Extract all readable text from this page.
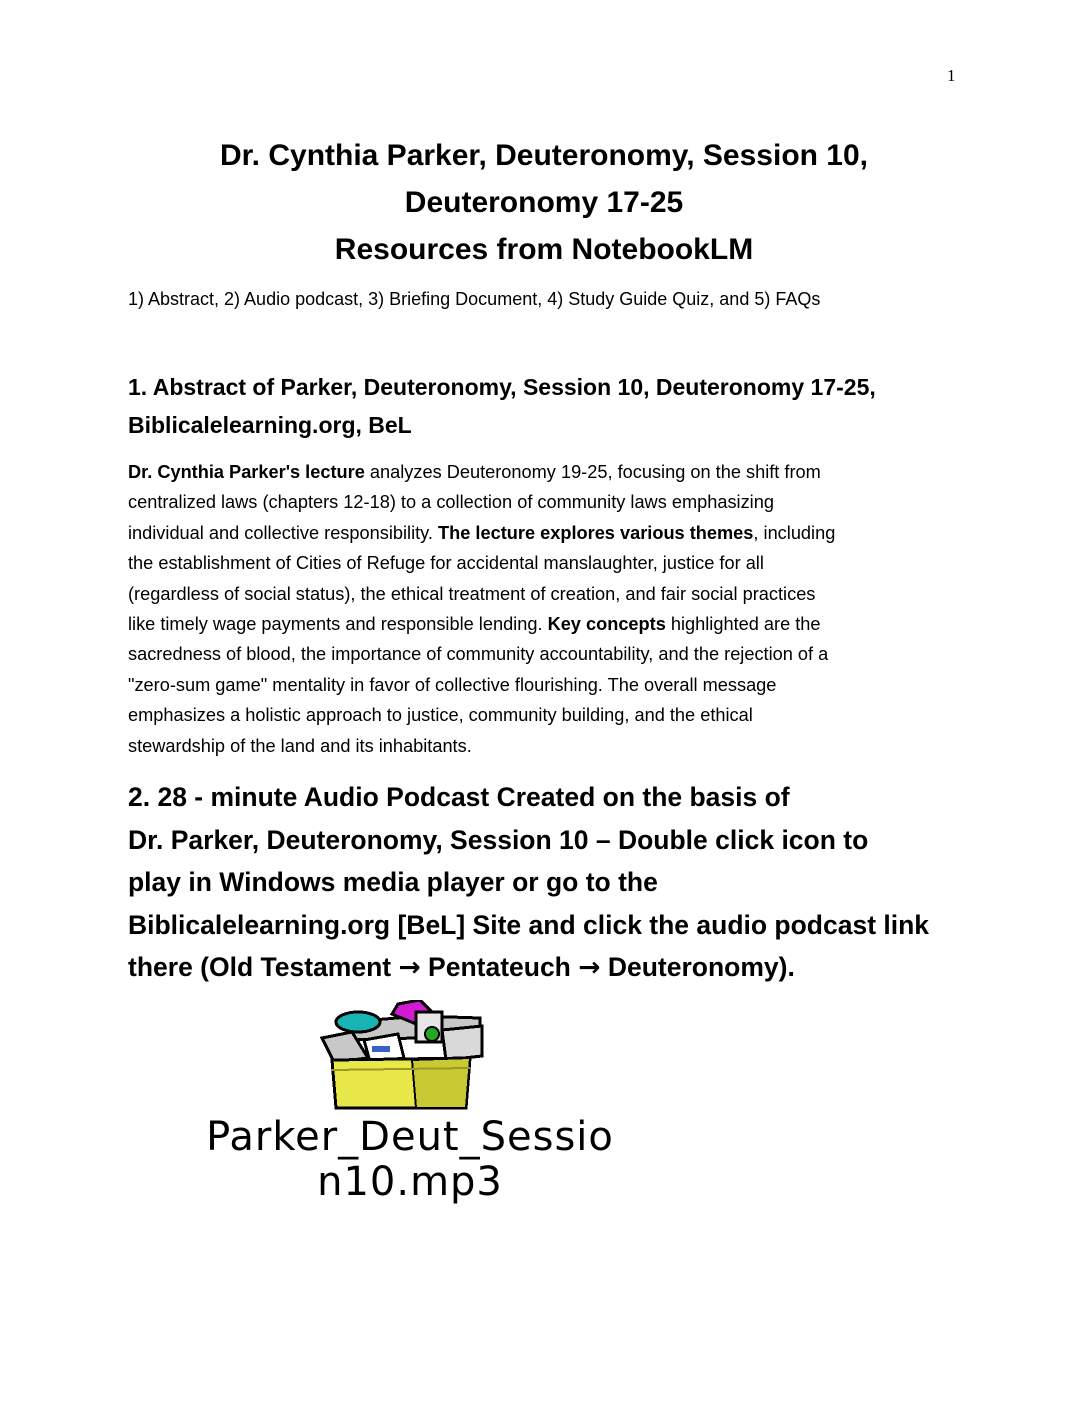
1
Dr. Cynthia Parker, Deuteronomy, Session 10,
Deuteronomy 17-25
Resources from NotebookLM
1) Abstract, 2) Audio podcast, 3) Briefing Document, 4) Study Guide Quiz, and 5) FAQs
1. Abstract of Parker, Deuteronomy, Session 10, Deuteronomy 17-25,
Biblicalelearning.org, BeL
Dr. Cynthia Parker's lecture analyzes Deuteronomy 19-25, focusing on the shift from
centralized laws (chapters 12-18) to a collection of community laws emphasizing
individual and collective responsibility. The lecture explores various themes, including
the establishment of Cities of Refuge for accidental manslaughter, justice for all
(regardless of social status), the ethical treatment of creation, and fair social practices
like timely wage payments and responsible lending. Key concepts highlighted are the
sacredness of blood, the importance of community accountability, and the rejection of a
"zero-sum game" mentality in favor of collective flourishing. The overall message
emphasizes a holistic approach to justice, community building, and the ethical
stewardship of the land and its inhabitants.
2. 28 - minute Audio Podcast Created on the basis of
Dr. Parker, Deuteronomy, Session 10 – Double click icon to
play in Windows media player or go to the
Biblicalelearning.org [BeL] Site and click the audio podcast link
there (Old Testament → Pentateuch → Deuteronomy).
Parker_Deut_Sessio
n10.mp3
